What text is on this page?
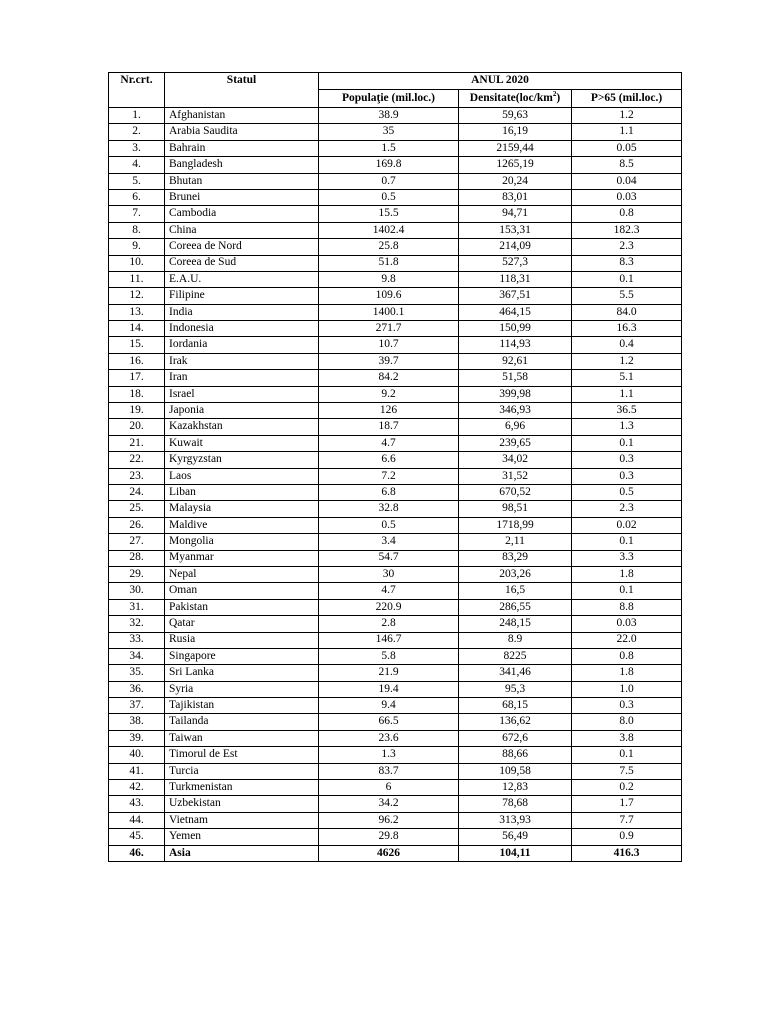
Nr.crt.	Statul	ANUL 2020		
		Populaţie (mil.loc.)	$Densitate(loc/km^2)$	P>65 (mil.loc.)
1.	Afghanistan	38.9	59,63	1.2
2.	Arabia Saudita	35	16,19	1.1
3.	Bahrain	1.5	2159,44	0.05
4.	Bangladesh	169.8	1265,19	8.5
5.	Bhutan	0.7	20,24	0.04
6.	Brunei	0.5	83,01	0.03
7.	Cambodia	15.5	94,71	0.8
8.	China	1402.4	153,31	182.3
9.	Coreea de Nord	25.8	214,09	2.3
10.	Coreea de Sud	51.8	527,3	8.3
11.	E.A.U.	9.8	118,31	0.1
12.	Filipine	109.6	367,51	5.5
13.	India	1400.1	464,15	84.0
14.	Indonesia	271.7	150,99	16.3
15.	Iordania	10.7	114,93	0.4
16.	Irak	39.7	92,61	1.2
17.	Iran	84.2	51,58	5.1
18.	Israel	9.2	399,98	1.1
19.	Japonia	126	346,93	36.5
20.	Kazakhstan	18.7	6,96	1.3
21.	Kuwait	4.7	239,65	0.1
22.	Kyrgyzstan	6.6	34,02	0.3
23.	Laos	7.2	31,52	0.3
24.	Liban	6.8	670,52	0.5
25.	Malaysia	32.8	98,51	2.3
26.	Maldive	0.5	1718,99	0.02
27.	Mongolia	3.4	2,11	0.1
28.	Myanmar	54.7	83,29	3.3
29.	Nepal	30	203,26	1.8
30.	Oman	4.7	16,5	0.1
31.	Pakistan	220.9	286,55	8.8
32.	Qatar	2.8	248,15	0.03
33.	Rusia	146.7	8.9	22.0
34.	Singapore	5.8	8225	0.8
35.	Sri Lanka	21.9	341,46	1.8
36.	Syria	19.4	95,3	1.0
37.	Tajikistan	9.4	68,15	0.3
38.	Tailanda	66.5	136,62	8.0
39.	Taiwan	23.6	672,6	3.8
40.	Timorul de Est	1.3	88,66	0.1
41.	Turcia	83.7	109,58	7.5
42.	Turkmenistan	6	12,83	0.2
43.	Uzbekistan	34.2	78,68	1.7
44.	Vietnam	96.2	313,93	7.7
45.	Yemen	29.8	56,49	0.9
46.	Asia	4626	104,11	416.3
